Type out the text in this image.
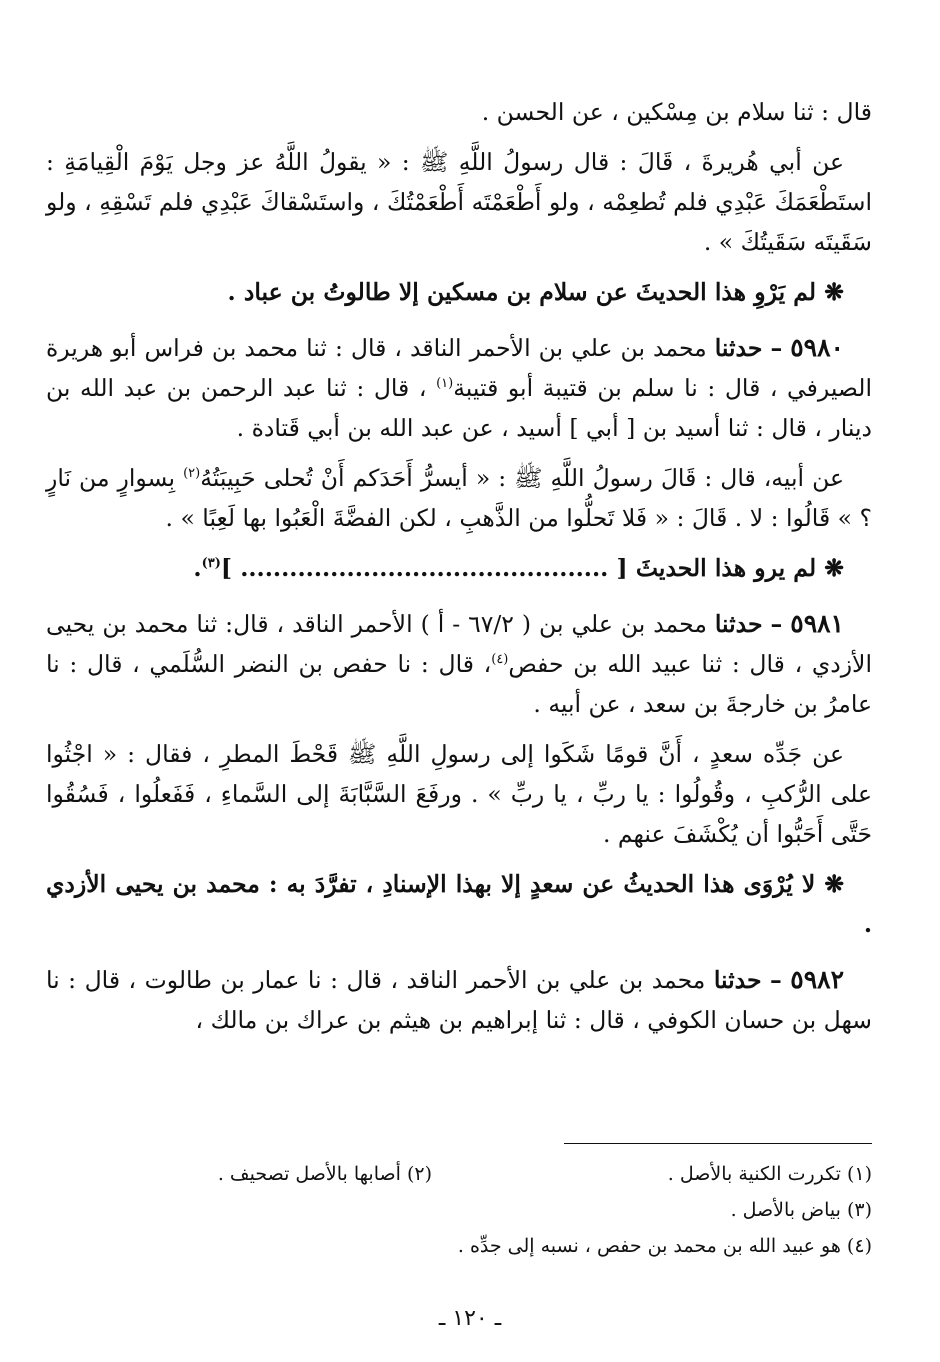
قال : ثنا سلام بن مِسْكين ، عن الحسن .

عن أبي هُريرةَ ، قَالَ : قال رسولُ اللَّهِ ﷺ : « يقولُ اللَّهُ عز وجل يَوْمَ الْقِيامَةِ : استَطْعَمَكَ عَبْدِي فلم تُطعِمْه ، ولو أَطْعَمْتَه أَطْعَمْتُكَ ، واستَسْقاكَ عَبْدِي فلم تَسْقِهِ ، ولو سَقَيتَه سَقَيتُكَ » .

❋ لم يَرْوِ هذا الحديثَ عن سلام بن مسكين إلا طالوتُ بن عباد .

٥٩٨٠ – حدثنا محمد بن علي بن الأحمر الناقد ، قال : ثنا محمد بن فراس أبو هريرة الصيرفي ، قال : نا سلم بن قتيبة أبو قتيبة$^{(١)}$ ، قال : ثنا عبد الرحمن بن عبد الله بن دينار ، قال : ثنا أسيد بن [ أبي ] أسيد ، عن عبد الله بن أبي قَتادة .

عن أبيه، قال : قَالَ رسولُ اللَّهِ ﷺ : « أيسرُّ أَحَدَكم أَنْ تُحلى حَبِيبَتُهُ$^{(٢)}$ بِسوارٍ من نَارٍ ؟ » قَالُوا : لا . قَالَ : « فَلا تَحلُّوا من الذَّهبِ ، لكن الفضَّةَ الْعَبُوا بها لَعِبًا » .

❋ لم يرو هذا الحديثَ [ ............................................. ]$^{(٣)}$.

٥٩٨١ – حدثنا محمد بن علي بن ( ٦٧/٢ - أ ) الأحمر الناقد ، قال: ثنا محمد بن يحيى الأزدي ، قال : ثنا عبيد الله بن حفص$^{(٤)}$، قال : نا حفص بن النضر السُّلَمي ، قال : نا عامرُ بن خارجةَ بن سعد ، عن أبيه .

عن جَدِّه سعدٍ ، أَنَّ قومًا شَكَوا إلى رسولِ اللَّهِ ﷺ قَحْطَ المطرِ ، فقال : « اجْثُوا على الرُّكبِ ، وقُولُوا : يا ربِّ ، يا ربِّ » . ورفَعَ السَّبَّابَةَ إلى السَّماءِ ، فَفَعلُوا ، فَسُقُوا حَتَّى أَحَبُّوا أن يُكْشَفَ عنهم .

❋ لا يُرْوَى هذا الحديثُ عن سعدٍ إلا بهذا الإسنادِ ، تفرَّدَ به : محمد بن يحيى الأزدي .

٥٩٨٢ – حدثنا محمد بن علي بن الأحمر الناقد ، قال : نا عمار بن طالوت ، قال : نا سهل بن حسان الكوفي ، قال : ثنا إبراهيم بن هيثم بن عراك بن مالك ،

(١) تكررت الكنية بالأصل .
(٢) أصابها بالأصل تصحيف .
(٣) بياض بالأصل .
(٤) هو عبيد الله بن محمد بن حفص ، نسبه إلى جدِّه .
ـ ١٢٠ ـ
